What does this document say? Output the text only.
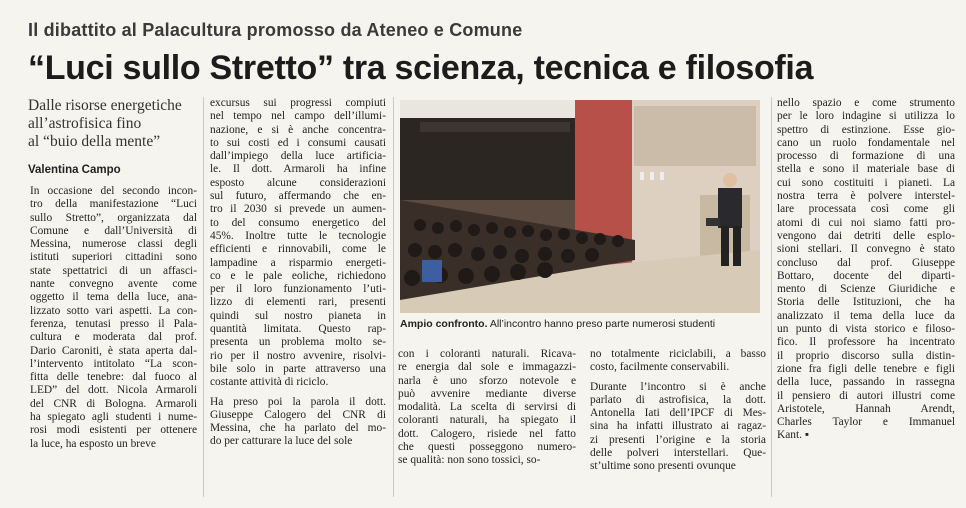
Il dibattito al Palacultura promosso da Ateneo e Comune
“Luci sullo Stretto” tra scienza, tecnica e filosofia
Dalle risorse energetiche
all’astrofisica fino
al “buio della mente”
Valentina Campo
In occasione del secondo incon-
tro della manifestazione “Luci
sullo Stretto”, organizzata dal
Comune e dall’Università di
Messina, numerose classi degli
istituti superiori cittadini sono
state spettatrici di un affasci-
nante convegno avente come
oggetto il tema della luce, ana-
lizzato sotto vari aspetti. La con-
ferenza, tenutasi presso il Pala-
cultura e moderata dal prof.
Dario Caroniti, è stata aperta dal-
l’intervento intitolato “La scon-
fitta delle tenebre: dal fuoco al
LED” del dott. Nicola Armaroli
del CNR di Bologna. Armaroli
ha spiegato agli studenti i nume-
rosi modi esistenti per ottenere
la luce, ha esposto un breve
excursus sui progressi compiuti
nel tempo nel campo dell’illumi-
nazione, e si è anche concentra-
to sui costi ed i consumi causati
dall’impiego della luce artificia-
le. Il dott. Armaroli ha infine
esposto alcune considerazioni
sul futuro, affermando che en-
tro il 2030 si prevede un aumen-
to del consumo energetico del
45%. Inoltre tutte le tecnologie
efficienti e rinnovabili, come le
lampadine a risparmio energeti-
co e le pale eoliche, richiedono
per il loro funzionamento l’uti-
lizzo di elementi rari, presenti
quindi sul nostro pianeta in
quantità limitata. Questo rap-
presenta un problema molto se-
rio per il nostro avvenire, risolvi-
bile solo in parte attraverso una
costante attività di riciclo.
Ha preso poi la parola il dott.
Giuseppe Calogero del CNR di
Messina, che ha parlato del mo-
do per catturare la luce del sole
Ampio confronto. All’incontro hanno preso parte numerosi studenti
con i coloranti naturali. Ricava-
re energia dal sole e immagazzi-
narla è uno sforzo notevole e
può avvenire mediante diverse
modalità. La scelta di servirsi di
coloranti naturali, ha spiegato il
dott. Calogero, risiede nel fatto
che questi posseggono numero-
se qualità: non sono tossici, so-
no totalmente riciclabili, a basso
costo, facilmente conservabili.
Durante l’incontro si è anche
parlato di astrofisica, la dott.
Antonella Iati dell’IPCF di Mes-
sina ha infatti illustrato ai ragaz-
zi presenti l’origine e la storia
delle polveri interstellari. Que-
st’ultime sono presenti ovunque
nello spazio e come strumento
per le loro indagine si utilizza lo
spettro di estinzione. Esse gio-
cano un ruolo fondamentale nel
processo di formazione di una
stella e sono il materiale base di
cui sono costituiti i pianeti. La
nostra terra è polvere interstel-
lare processata così come gli
atomi di cui noi siamo fatti pro-
vengono dai detriti delle esplo-
sioni stellari. Il convegno è stato
concluso dal prof. Giuseppe
Bottaro, docente del diparti-
mento di Scienze Giuridiche e
Storia delle Istituzioni, che ha
analizzato il tema della luce da
un punto di vista storico e filoso-
fico. Il professore ha incentrato
il proprio discorso sulla distin-
zione fra figli delle tenebre e figli
della luce, passando in rassegna
il pensiero di autori illustri come
Aristotele, Hannah Arendt,
Charles Taylor e Immanuel
Kant. ▪
